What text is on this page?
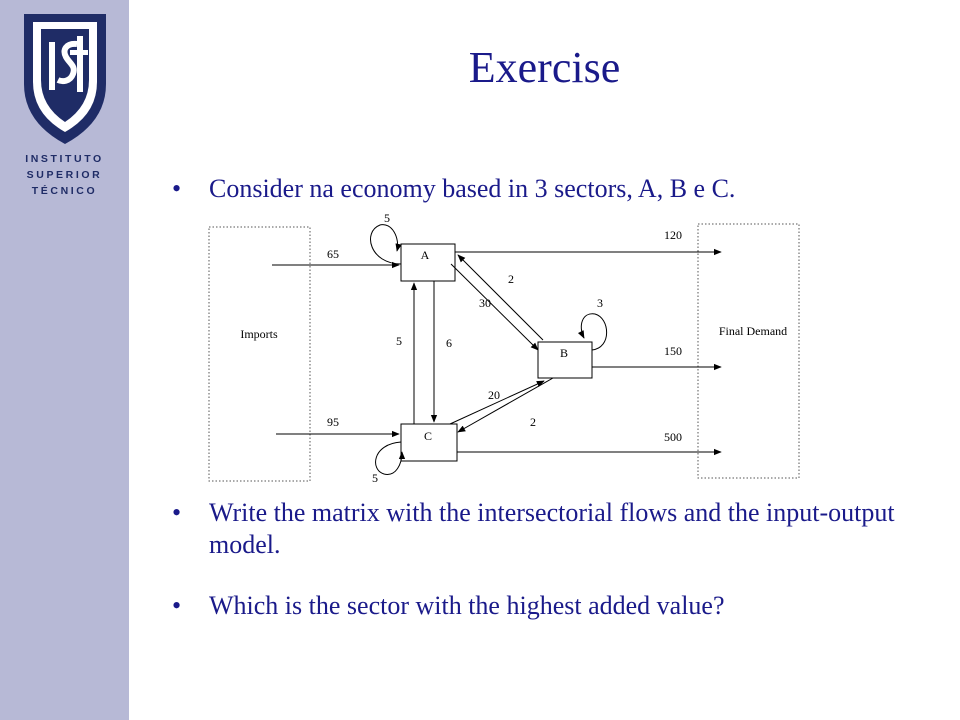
INSTITUTO
SUPERIOR
TÉCNICO
Exercise
• Consider na economy based in 3 sectors, A, B e C.
• Write the matrix with the intersectorial flows and the input-output model.
• Which is the sector with the highest added value?
Imports	Final Demand
A
B
C
5
3
5
65
95
120
150
500
2
30
5	6
20
2
